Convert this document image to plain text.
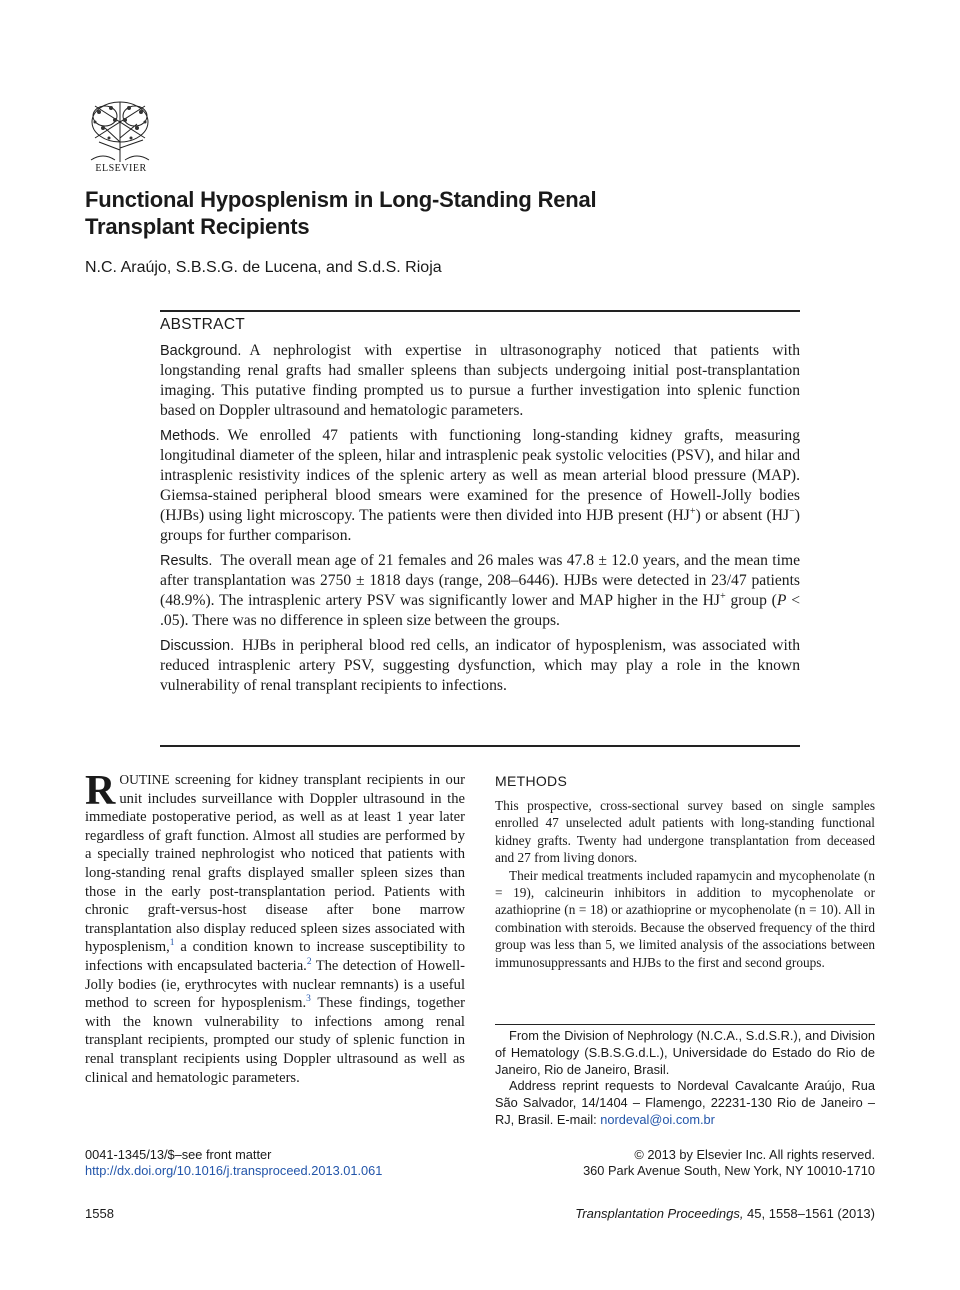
ELSEVIER
Functional Hyposplenism in Long-Standing Renal Transplant Recipients
N.C. Araújo, S.B.S.G. de Lucena, and S.d.S. Rioja
ABSTRACT

Background. A nephrologist with expertise in ultrasonography noticed that patients with longstanding renal grafts had smaller spleens than subjects undergoing initial post-transplantation imaging. This putative finding prompted us to pursue a further investigation into splenic function based on Doppler ultrasound and hematologic parameters.

Methods. We enrolled 47 patients with functioning long-standing kidney grafts, measuring longitudinal diameter of the spleen, hilar and intrasplenic peak systolic velocities (PSV), and hilar and intrasplenic resistivity indices of the splenic artery as well as mean arterial blood pressure (MAP). Giemsa-stained peripheral blood smears were examined for the presence of Howell-Jolly bodies (HJBs) using light microscopy. The patients were then divided into HJB present (HJ+) or absent (HJ−) groups for further comparison.

Results. The overall mean age of 21 females and 26 males was 47.8 ± 12.0 years, and the mean time after transplantation was 2750 ± 1818 days (range, 208–6446). HJBs were detected in 23/47 patients (48.9%). The intrasplenic artery PSV was significantly lower and MAP higher in the HJ+ group (P < .05). There was no difference in spleen size between the groups.

Discussion. HJBs in peripheral blood red cells, an indicator of hyposplenism, was associated with reduced intrasplenic artery PSV, suggesting dysfunction, which may play a role in the known vulnerability of renal transplant recipients to infections.

ROUTINE screening for kidney transplant recipients in our unit includes surveillance with Doppler ultrasound in the immediate postoperative period, as well as at least 1 year later regardless of graft function. Almost all studies are performed by a specially trained nephrologist who noticed that patients with long-standing renal grafts displayed smaller spleen sizes than those in the early post-transplantation period. Patients with chronic graft-versus-host disease after bone marrow transplantation also display reduced spleen sizes associated with hyposplenism,$^1$ a condition known to increase susceptibility to infections with encapsulated bacteria.$^2$ The detection of Howell-Jolly bodies (ie, erythrocytes with nuclear remnants) is a useful method to screen for hyposplenism.$^3$ These findings, together with the known vulnerability to infections among renal transplant recipients, prompted our study of splenic function in renal transplant recipients using Doppler ultrasound as well as clinical and hematologic parameters.

METHODS

This prospective, cross-sectional survey based on single samples enrolled 47 unselected adult patients with long-standing functional kidney grafts. Twenty had undergone transplantation from deceased and 27 from living donors.

Their medical treatments included rapamycin and mycophenolate (n = 19), calcineurin inhibitors in addition to mycophenolate or azathioprine (n = 18) or azathioprine or mycophenolate (n = 10). All in combination with steroids. Because the observed frequency of the third group was less than 5, we limited analysis of the associations between immunosuppressants and HJBs to the first and second groups.

From the Division of Nephrology (N.C.A., S.d.S.R.), and Division of Hematology (S.B.S.G.d.L.), Universidade do Estado do Rio de Janeiro, Rio de Janeiro, Brasil.

Address reprint requests to Nordeval Cavalcante Araújo, Rua São Salvador, 14/1404 – Flamengo, 22231-130 Rio de Janeiro – RJ, Brasil. E-mail: nordeval@oi.com.br

0041-1345/13/$–see front matter
http://dx.doi.org/10.1016/j.transproceed.2013.01.061
© 2013 by Elsevier Inc. All rights reserved.
360 Park Avenue South, New York, NY 10010-1710
1558	Transplantation Proceedings, 45, 1558–1561 (2013)
